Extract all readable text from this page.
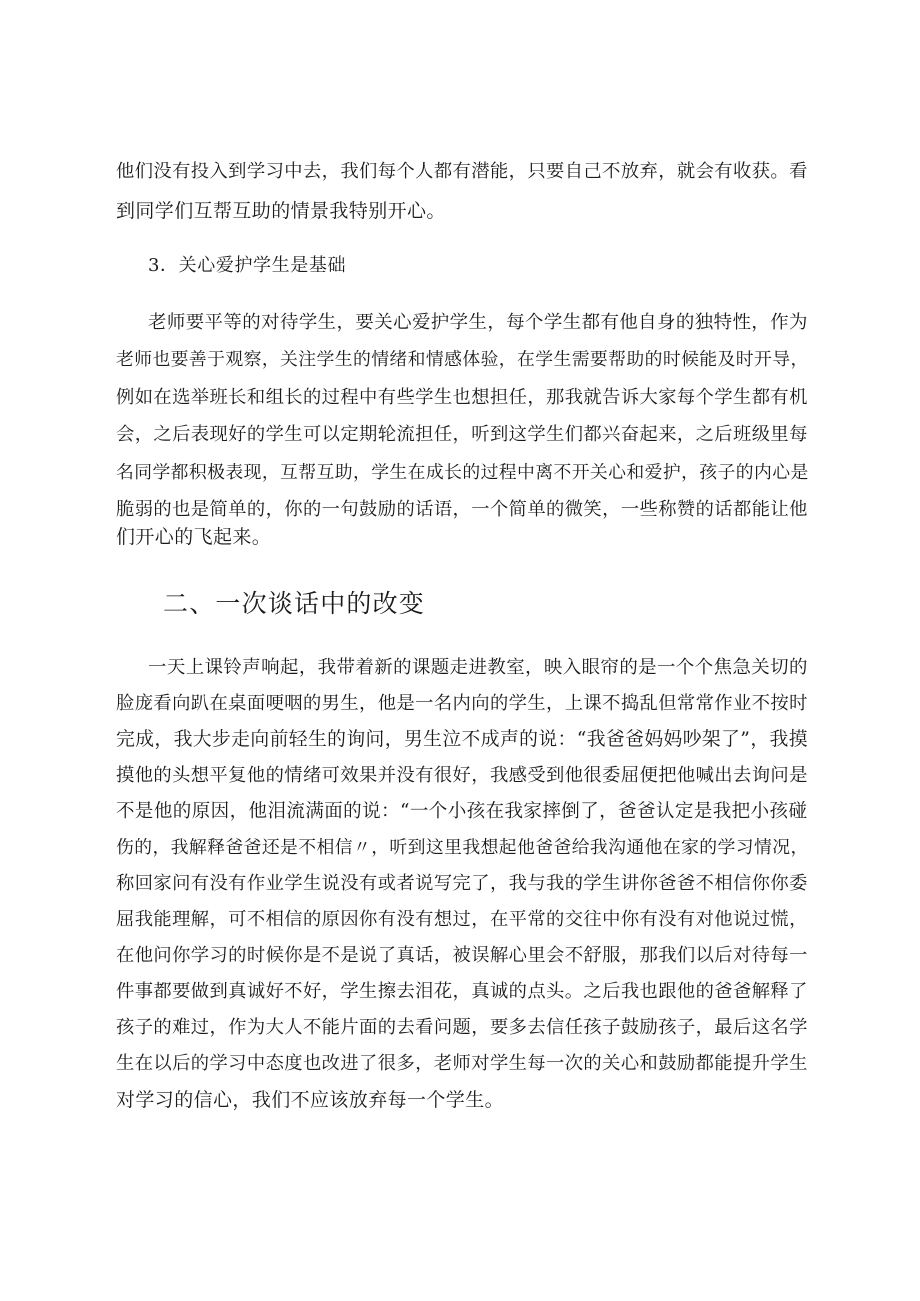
他们没有投入到学习中去，我们每个人都有潜能，只要自己不放弃，就会有收获。看
到同学们互帮互助的情景我特别开心。
3．关心爱护学生是基础
老师要平等的对待学生，要关心爱护学生，每个学生都有他自身的独特性，作为
老师也要善于观察，关注学生的情绪和情感体验，在学生需要帮助的时候能及时开导，
例如在选举班长和组长的过程中有些学生也想担任，那我就告诉大家每个学生都有机
会，之后表现好的学生可以定期轮流担任，听到这学生们都兴奋起来，之后班级里每
名同学都积极表现，互帮互助，学生在成长的过程中离不开关心和爱护，孩子的内心是
脆弱的也是简单的，你的一句鼓励的话语，一个简单的微笑，一些称赞的话都能让他
们开心的飞起来。
二、一次谈话中的改变
一天上课铃声响起，我带着新的课题走进教室，映入眼帘的是一个个焦急关切的
脸庞看向趴在桌面哽咽的男生，他是一名内向的学生，上课不捣乱但常常作业不按时
完成，我大步走向前轻生的询问，男生泣不成声的说：“我爸爸妈妈吵架了”，我摸
摸他的头想平复他的情绪可效果并没有很好，我感受到他很委屈便把他喊出去询问是
不是他的原因，他泪流满面的说：“一个小孩在我家摔倒了，爸爸认定是我把小孩碰
伤的，我解释爸爸还是不相信〃，听到这里我想起他爸爸给我沟通他在家的学习情况，
称回家问有没有作业学生说没有或者说写完了，我与我的学生讲你爸爸不相信你你委
屈我能理解，可不相信的原因你有没有想过，在平常的交往中你有没有对他说过慌，
在他问你学习的时候你是不是说了真话，被误解心里会不舒服，那我们以后对待每一
件事都要做到真诚好不好，学生擦去泪花，真诚的点头。之后我也跟他的爸爸解释了
孩子的难过，作为大人不能片面的去看问题，要多去信任孩子鼓励孩子，最后这名学
生在以后的学习中态度也改进了很多，老师对学生每一次的关心和鼓励都能提升学生
对学习的信心，我们不应该放弃每一个学生。
